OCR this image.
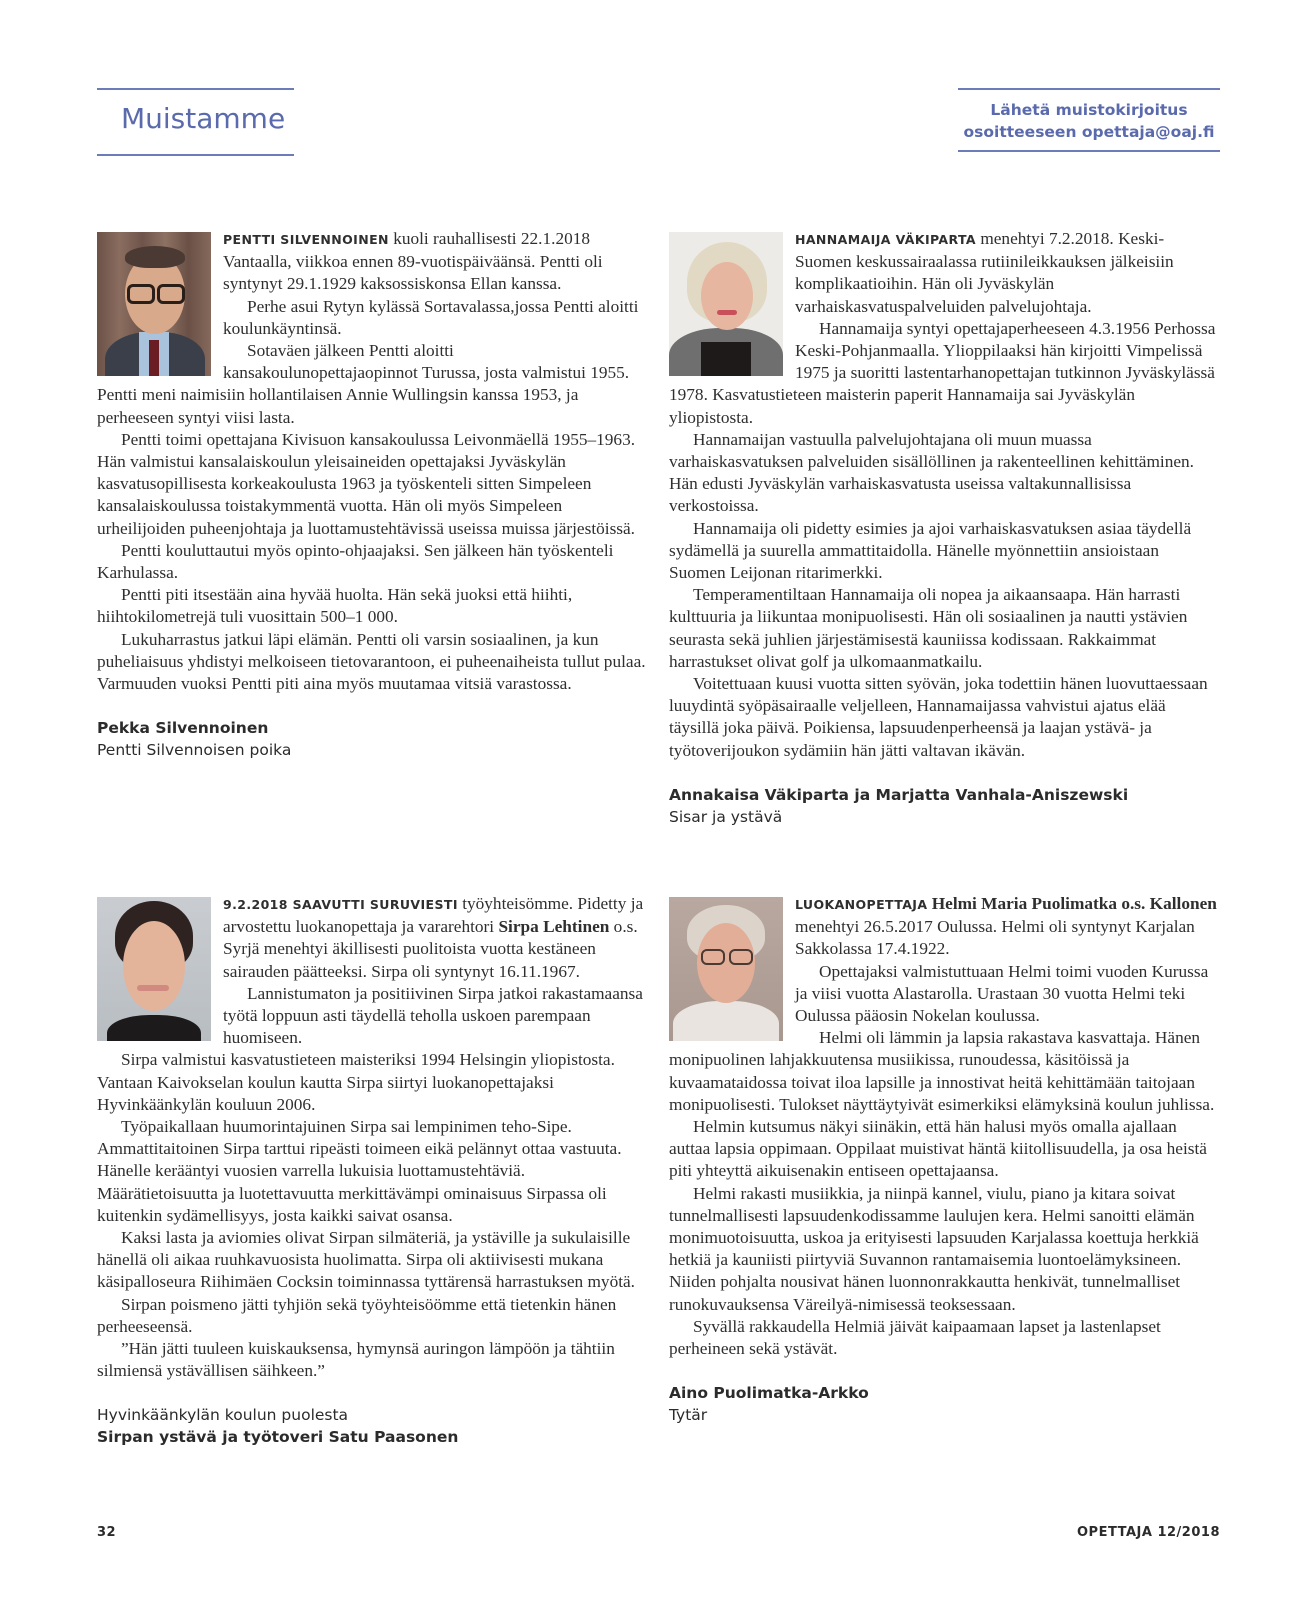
Muistamme	Lähetä muistokirjoitus
osoitteeseen opettaja@oaj.fi

PENTTI SILVENNOINEN kuoli rauhallisesti 22.1.2018 Vantaalla, viikkoa ennen 89-vuotispäiväänsä. Pentti oli syntynyt 29.1.1929 kaksossiskonsa Ellan kanssa.

Perhe asui Rytyn kylässä Sortavalassa,jossa Pentti aloitti koulunkäyntinsä.

Sotaväen jälkeen Pentti aloitti kansakoulunopettajaopinnot Turussa, josta valmistui 1955. Pentti meni naimisiin hollantilaisen Annie Wullingsin kanssa 1953, ja perheeseen syntyi viisi lasta.

Pentti toimi opettajana Kivisuon kansakoulussa Leivonmäellä 1955–1963. Hän valmistui kansalaiskoulun yleisaineiden opettajaksi Jyväskylän kasvatusopillisesta korkeakoulusta 1963 ja työskenteli sitten Simpeleen kansalaiskoulussa toistakymmentä vuotta. Hän oli myös Simpeleen urheilijoiden puheenjohtaja ja luottamustehtävissä useissa muissa järjestöissä.

Pentti kouluttautui myös opinto-ohjaajaksi. Sen jälkeen hän työskenteli Karhulassa.

Pentti piti itsestään aina hyvää huolta. Hän sekä juoksi että hiihti, hiihtokilometrejä tuli vuosittain 500–1 000.

Lukuharrastus jatkui läpi elämän. Pentti oli varsin sosiaalinen, ja kun puheliaisuus yhdistyi melkoiseen tietovarantoon, ei puheenaiheista tullut pulaa. Varmuuden vuoksi Pentti piti aina myös muutamaa vitsiä varastossa.

Pekka Silvennoinen
Pentti Silvennoisen poika

HANNAMAIJA VÄKIPARTA menehtyi 7.2.2018. Keski-Suomen keskussairaalassa rutiinileikkauksen jälkeisiin komplikaatioihin. Hän oli Jyväskylän varhaiskasvatuspalveluiden palvelujohtaja.

Hannamaija syntyi opettajaperheeseen 4.3.1956 Perhossa Keski-Pohjanmaalla. Ylioppilaaksi hän kirjoitti Vimpelissä 1975 ja suoritti lastentarhanopettajan tutkinnon Jyväskylässä 1978. Kasvatustieteen maisterin paperit Hannamaija sai Jyväskylän yliopistosta.

Hannamaijan vastuulla palvelujohtajana oli muun muassa varhaiskasvatuksen palveluiden sisällöllinen ja rakenteellinen kehittäminen. Hän edusti Jyväskylän varhaiskasvatusta useissa valtakunnallisissa verkostoissa.

Hannamaija oli pidetty esimies ja ajoi varhaiskasvatuksen asiaa täydellä sydämellä ja suurella ammattitaidolla. Hänelle myönnettiin ansioistaan Suomen Leijonan ritarimerkki.

Temperamentiltaan Hannamaija oli nopea ja aikaansaapa. Hän harrasti kulttuuria ja liikuntaa monipuolisesti. Hän oli sosiaalinen ja nautti ystävien seurasta sekä juhlien järjestämisestä kauniissa kodissaan. Rakkaimmat harrastukset olivat golf ja ulkomaanmatkailu.

Voitettuaan kuusi vuotta sitten syövän, joka todettiin hänen luovuttaessaan luuydintä syöpäsairaalle veljelleen, Hannamaijassa vahvistui ajatus elää täysillä joka päivä. Poikiensa, lapsuudenperheensä ja laajan ystävä- ja työtoverijoukon sydämiin hän jätti valtavan ikävän.

Annakaisa Väkiparta ja Marjatta Vanhala-Aniszewski
Sisar ja ystävä

9.2.2018 SAAVUTTI SURUVIESTI työyhteisömme. Pidetty ja arvostettu luokanopettaja ja vararehtori Sirpa Lehtinen o.s. Syrjä menehtyi äkillisesti puolitoista vuotta kestäneen sairauden päätteeksi. Sirpa oli syntynyt 16.11.1967.

Lannistumaton ja positiivinen Sirpa jatkoi rakastamaansa työtä loppuun asti täydellä teholla uskoen parempaan huomiseen.

Sirpa valmistui kasvatustieteen maisteriksi 1994 Helsingin yliopistosta. Vantaan Kaivokselan koulun kautta Sirpa siirtyi luokanopettajaksi Hyvinkäänkylän kouluun 2006.

Työpaikallaan huumorintajuinen Sirpa sai lempinimen teho-Sipe. Ammattitaitoinen Sirpa tarttui ripeästi toimeen eikä pelännyt ottaa vastuuta. Hänelle kerääntyi vuosien varrella lukuisia luottamustehtäviä. Määrätietoisuutta ja luotettavuutta merkittävämpi ominaisuus Sirpassa oli kuitenkin sydämellisyys, josta kaikki saivat osansa.

Kaksi lasta ja aviomies olivat Sirpan silmäteriä, ja ystäville ja sukulaisille hänellä oli aikaa ruuhkavuosista huolimatta. Sirpa oli aktiivisesti mukana käsipalloseura Riihimäen Cocksin toiminnassa tyttärensä harrastuksen myötä.

Sirpan poismeno jätti tyhjiön sekä työyhteisöömme että tietenkin hänen perheeseensä.

”Hän jätti tuuleen kuiskauksensa, hymynsä auringon lämpöön ja tähtiin silmiensä ystävällisen säihkeen.”

Hyvinkäänkylän koulun puolesta
Sirpan ystävä ja työtoveri Satu Paasonen

LUOKANOPETTAJA Helmi Maria Puolimatka o.s. Kallonen menehtyi 26.5.2017 Oulussa. Helmi oli syntynyt Karjalan Sakkolassa 17.4.1922.

Opettajaksi valmistuttuaan Helmi toimi vuoden Kurussa ja viisi vuotta Alastarolla. Urastaan 30 vuotta Helmi teki Oulussa pääosin Nokelan koulussa.

Helmi oli lämmin ja lapsia rakastava kasvattaja. Hänen monipuolinen lahjakkuutensa musiikissa, runoudessa, käsitöissä ja kuvaamataidossa toivat iloa lapsille ja innostivat heitä kehittämään taitojaan monipuolisesti. Tulokset näyttäytyivät esimerkiksi elämyksinä koulun juhlissa.

Helmin kutsumus näkyi siinäkin, että hän halusi myös omalla ajallaan auttaa lapsia oppimaan. Oppilaat muistivat häntä kiitollisuudella, ja osa heistä piti yhteyttä aikuisenakin entiseen opettajaansa.

Helmi rakasti musiikkia, ja niinpä kannel, viulu, piano ja kitara soivat tunnelmallisesti lapsuudenkodissamme laulujen kera. Helmi sanoitti elämän monimuotoisuutta, uskoa ja erityisesti lapsuuden Karjalassa koettuja herkkiä hetkiä ja kauniisti piirtyviä Suvannon rantamaisemia luontoelämyksineen. Niiden pohjalta nousivat hänen luonnonrakkautta henkivät, tunnelmalliset runokuvauksensa Väreilyä-nimisessä teoksessaan.

Syvällä rakkaudella Helmiä jäivät kaipaamaan lapset ja lastenlapset perheineen sekä ystävät.

Aino Puolimatka-Arkko
Tytär
32	OPETTAJA 12/2018
